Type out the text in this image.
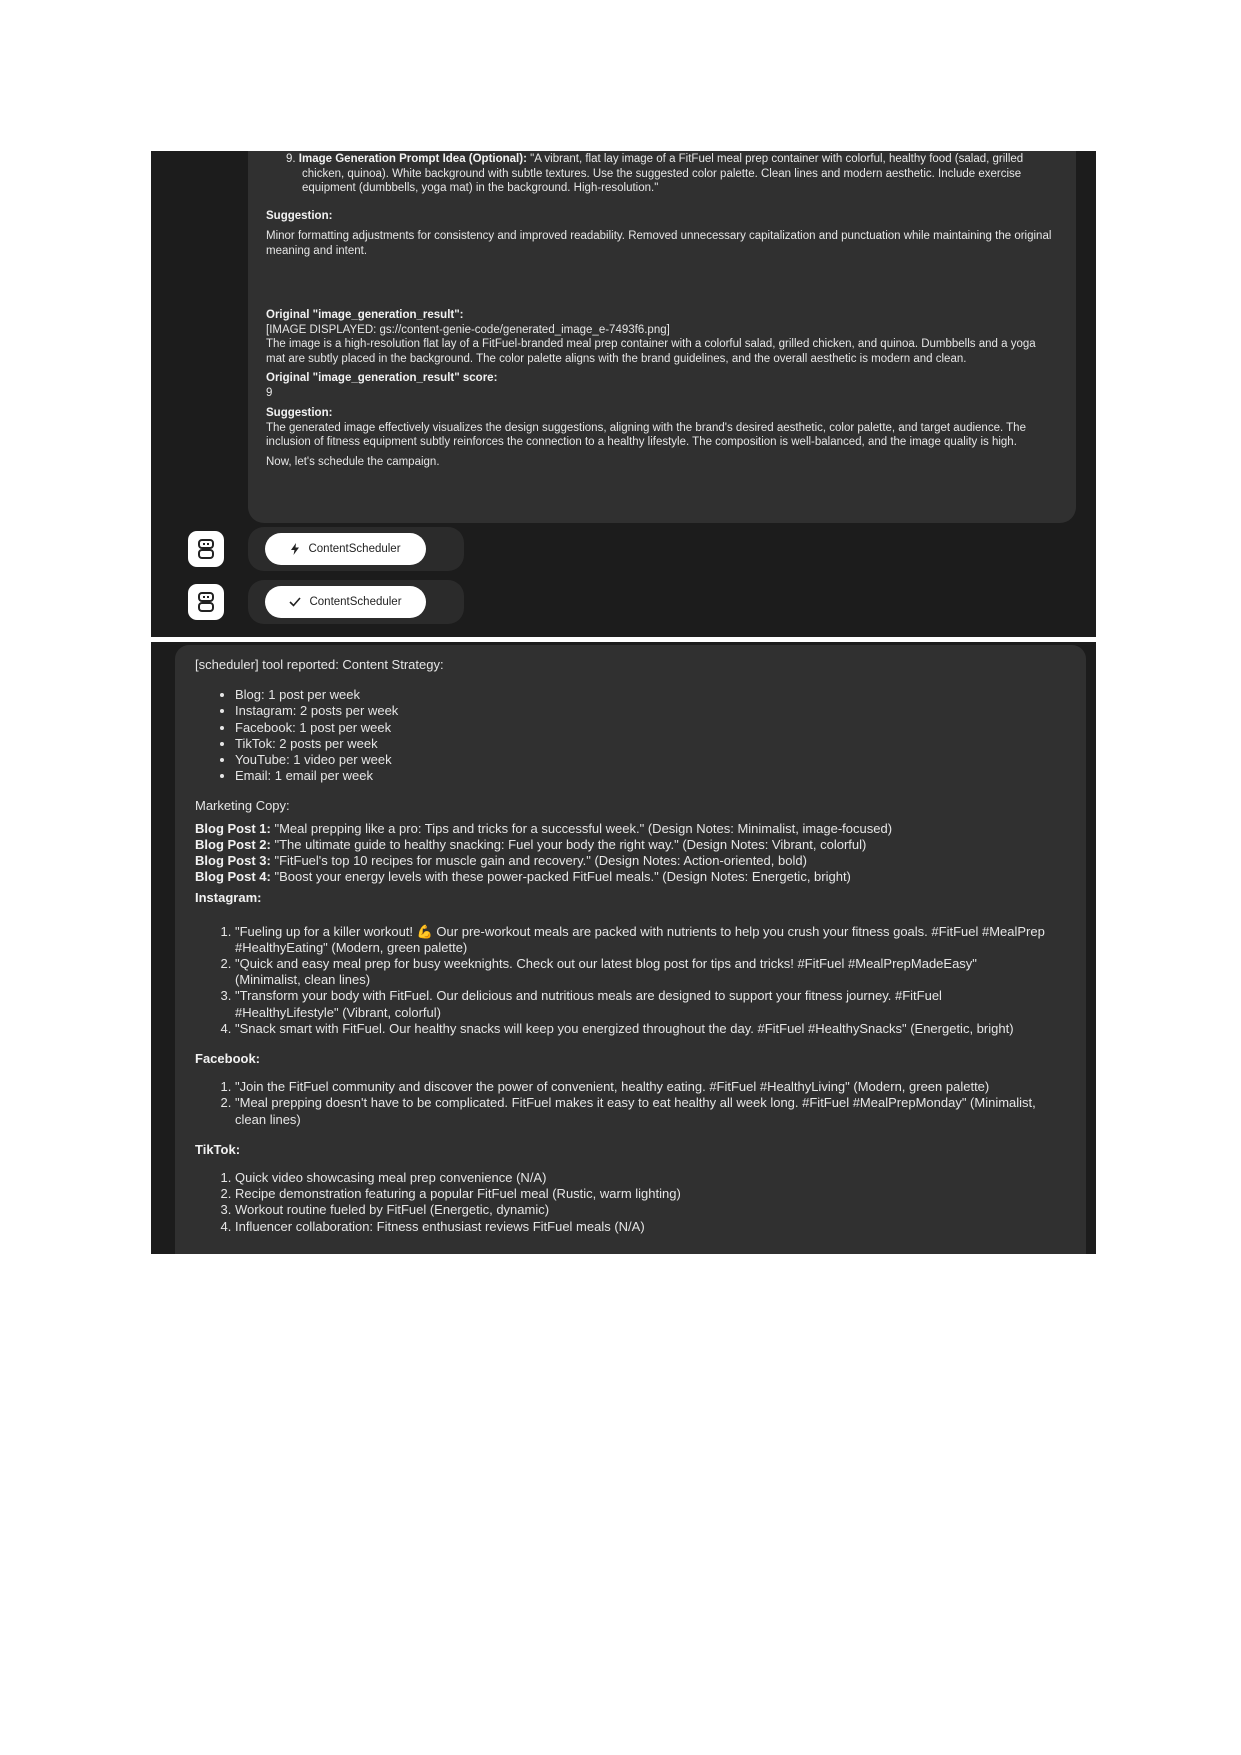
9. Image Generation Prompt Idea (Optional): "A vibrant, flat lay image of a FitFuel meal prep container with colorful, healthy food (salad, grilled chicken, quinoa). White background with subtle textures. Use the suggested color palette. Clean lines and modern aesthetic. Include exercise equipment (dumbbells, yoga mat) in the background. High-resolution."

Suggestion:

Minor formatting adjustments for consistency and improved readability. Removed unnecessary capitalization and punctuation while maintaining the original meaning and intent.

Original "image_generation_result":

[IMAGE DISPLAYED: gs://content-genie-code/generated_image_e-7493f6.png]

The image is a high-resolution flat lay of a FitFuel-branded meal prep container with a colorful salad, grilled chicken, and quinoa. Dumbbells and a yoga mat are subtly placed in the background. The color palette aligns with the brand guidelines, and the overall aesthetic is modern and clean.

Original "image_generation_result" score:

9

Suggestion:

The generated image effectively visualizes the design suggestions, aligning with the brand's desired aesthetic, color palette, and target audience. The inclusion of fitness equipment subtly reinforces the connection to a healthy lifestyle. The composition is well-balanced, and the image quality is high.

Now, let's schedule the campaign.

ContentScheduler
ContentScheduler

[scheduler] tool reported: Content Strategy:

• Blog: 1 post per week
• Instagram: 2 posts per week
• Facebook: 1 post per week
• TikTok: 2 posts per week
• YouTube: 1 video per week
• Email: 1 email per week

Marketing Copy:

Blog Post 1: "Meal prepping like a pro: Tips and tricks for a successful week." (Design Notes: Minimalist, image-focused)

Blog Post 2: "The ultimate guide to healthy snacking: Fuel your body the right way." (Design Notes: Vibrant, colorful)

Blog Post 3: "FitFuel's top 10 recipes for muscle gain and recovery." (Design Notes: Action-oriented, bold)

Blog Post 4: "Boost your energy levels with these power-packed FitFuel meals." (Design Notes: Energetic, bright)

Instagram:

1. "Fueling up for a killer workout! 💪 Our pre-workout meals are packed with nutrients to help you crush your fitness goals. #FitFuel #MealPrep #HealthyEating" (Modern, green palette)
2. "Quick and easy meal prep for busy weeknights. Check out our latest blog post for tips and tricks! #FitFuel #MealPrepMadeEasy" (Minimalist, clean lines)
3. "Transform your body with FitFuel. Our delicious and nutritious meals are designed to support your fitness journey. #FitFuel #HealthyLifestyle" (Vibrant, colorful)
4. "Snack smart with FitFuel. Our healthy snacks will keep you energized throughout the day. #FitFuel #HealthySnacks" (Energetic, bright)

Facebook:

1. "Join the FitFuel community and discover the power of convenient, healthy eating. #FitFuel #HealthyLiving" (Modern, green palette)
2. "Meal prepping doesn't have to be complicated. FitFuel makes it easy to eat healthy all week long. #FitFuel #MealPrepMonday" (Minimalist, clean lines)

TikTok:

1. Quick video showcasing meal prep convenience (N/A)
2. Recipe demonstration featuring a popular FitFuel meal (Rustic, warm lighting)
3. Workout routine fueled by FitFuel (Energetic, dynamic)
4. Influencer collaboration: Fitness enthusiast reviews FitFuel meals (N/A)
